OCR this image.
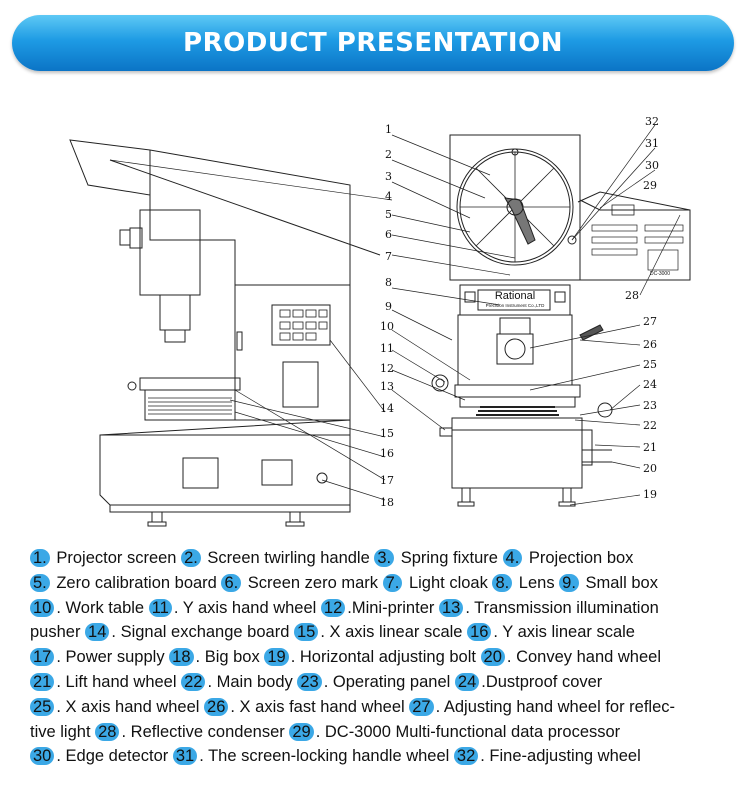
PRODUCT PRESENTATION
Rational
Precision Instrument Co.,LTD
DC-3000
1
2
3
4
5
6
7
8
9
10
11
12
13
14
15
16
17
18
19
20
21
22
23
24
25
26
27
28
29
30
31
32
1. Projector screen 2. Screen twirling handle 3. Spring fixture 4. Projection box
5. Zero calibration board 6. Screen zero mark 7. Light cloak 8. Lens 9. Small box
10 . Work table 11 . Y axis hand wheel 12 .Mini-printer 13 . Transmission illumination
pusher 14 . Signal exchange board 15 . X axis linear scale 16 . Y axis linear scale
17 . Power supply 18 . Big box 19 . Horizontal adjusting bolt 20 . Convey hand wheel
21 . Lift hand wheel 22 . Main body 23 . Operating panel 24 .Dustproof cover
25 . X axis hand wheel 26 . X axis fast hand wheel 27 . Adjusting hand wheel for reflec-
tive light 28 . Reflective condenser 29 . DC-3000 Multi-functional data processor
30 . Edge detector 31 . The screen-locking handle wheel 32 . Fine-adjusting wheel
